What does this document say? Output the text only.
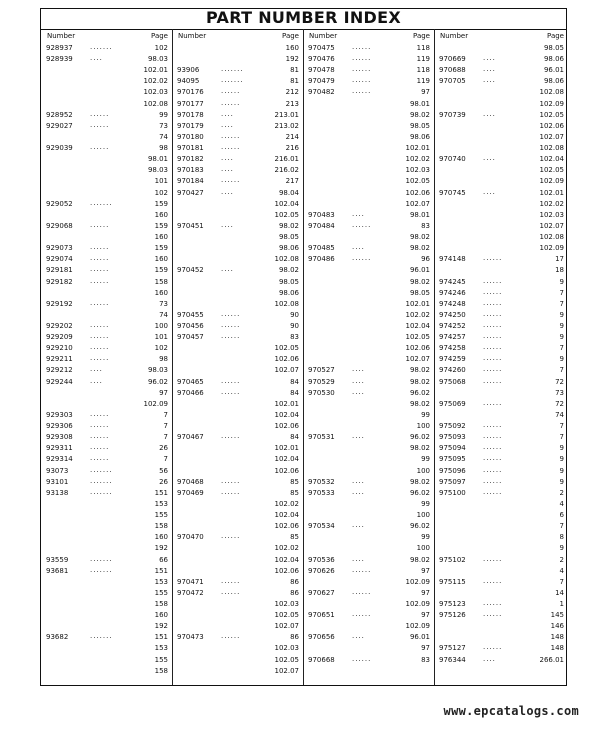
PART NUMBER INDEX
Number	Page
928937 .......	102
928939 ....	98.03
102.01
102.02
102.03
102.08
928952 ......	99
929027 ......	73
74
929039 ......	98
98.01
98.03
101
102
929052 .......	159
160
929068 ......	159
160
929073 ......	159
929074 ......	160
929181 ......	159
929182 ......	158
160
929192 ......	73
74
929202 ......	100
929209 ......	101
929210 ......	102
929211 ......	98
929212 ....	98.03
929244 ....	96.02
97
102.09
929303 ......	7
929306 ......	7
929308 ......	7
929311 ......	26
929314 ......	7
93073	.......	56
93101	.......	26
93138	.......	151
153
155
158
160
192
93559	.......	66
93681	.......	151
153
155
158
160
192
93682	.......	151
153
155
158
Number	Page
160
192
93906	.......	81
94095	.......	81
970176 ......	212
970177 ......	213
970178 ....	213.01
970179 ....	213.02
970180 ......	214
970181 ......	216
970182 ....	216.01
970183 ....	216.02
970184 ......	217
970427 ....	98.04
102.04
102.05
970451 ....	98.02
98.05
98.06
102.08
970452 ....	98.02
98.05
98.06
102.08
970455 ......	90
970456 ......	90
970457 ......	83
102.05
102.06
102.07
970465 ......	84
970466 ......	84
102.01
102.04
102.06
970467 ......	84
102.01
102.04
102.06
970468 ......	85
970469 ......	85
102.02
102.04
102.06
970470 ......	85
102.02
102.04
102.06
970471 ......	86
970472 ......	86
102.03
102.05
102.07
970473 ......	86
102.03
102.05
102.07
Number	Page
970475 ......	118
970476 ......	119
970478 ......	118
970479 ......	119
970482 ......	97
98.01
98.02
98.05
98.06
102.01
102.02
102.03
102.05
102.06
102.07
970483 ....	98.01
970484 ......	83
98.02
970485 ....	98.02
970486 ......	96
96.01
98.02
98.05
102.01
102.02
102.04
102.05
102.06
102.07
970527 ....	98.02
970529 ....	98.02
970530 ....	96.02
98.02
99
100
970531 ....	96.02
98.02
99
100
970532 ....	98.02
970533 ....	96.02
99
100
970534 ....	96.02
99
100
970536 ....	98.02
970626 ......	97
102.09
970627 ......	97
102.09
970651 ......	97
102.09
970656 ....	96.01
97
970668 ......	83
Number	Page
98.05
970669 ....	98.06
970688 ....	96.01
970705 ....	98.06
102.08
102.09
970739 ....	102.05
102.06
102.07
102.08
970740 ....	102.04
102.05
102.09
970745 ....	102.01
102.02
102.03
102.07
102.08
102.09
974148 ......	17
18
974245 ......	9
974246 ......	7
974248 ......	7
974250 ......	9
974252 ......	9
974257 ......	9
974258 ......	7
974259 ......	9
974260 ......	7
975068 ......	72
73
975069 ......	72
74
975092 ......	7
975093 ......	7
975094 ......	9
975095 ......	9
975096 ......	9
975097 ......	9
975100 ......	2
4
6
7
8
9
975102 ......	2
4
975115 ......	7
14
975123 ......	1
975126 ......	145
146
148
975127 ......	148
976344 ....	266.01
www.epcatalogs.com
